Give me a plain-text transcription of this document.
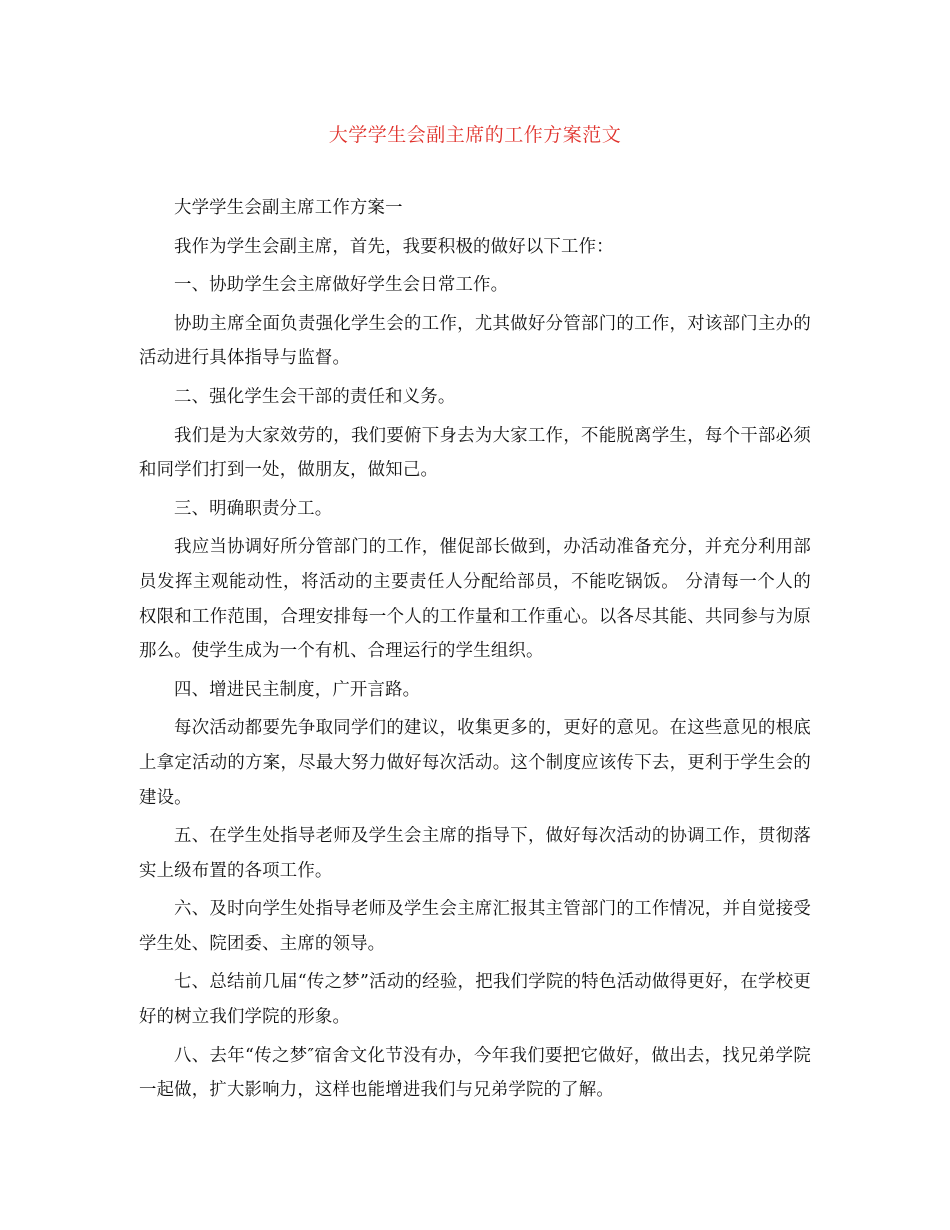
大学学生会副主席的工作方案范文

大学学生会副主席工作方案一

我作为学生会副主席，首先，我要积极的做好以下工作：

一、协助学生会主席做好学生会日常工作。

协助主席全面负责强化学生会的工作，尤其做好分管部门的工作，对该部门主办的活动进行具体指导与监督。

二、强化学生会干部的责任和义务。

我们是为大家效劳的，我们要俯下身去为大家工作，不能脱离学生，每个干部必须和同学们打到一处，做朋友，做知己。

三、明确职责分工。

我应当协调好所分管部门的工作，催促部长做到，办活动准备充分，并充分利用部员发挥主观能动性，将活动的主要责任人分配给部员，不能吃锅饭。 分清每一个人的权限和工作范围，合理安排每一个人的工作量和工作重心。以各尽其能、共同参与为原那么。使学生成为一个有机、合理运行的学生组织。

四、增进民主制度，广开言路。

每次活动都要先争取同学们的建议，收集更多的，更好的意见。在这些意见的根底上拿定活动的方案，尽最大努力做好每次活动。这个制度应该传下去，更利于学生会的建设。

五、在学生处指导老师及学生会主席的指导下，做好每次活动的协调工作，贯彻落实上级布置的各项工作。

六、及时向学生处指导老师及学生会主席汇报其主管部门的工作情况，并自觉接受学生处、院团委、主席的领导。

七、总结前几届“传之梦”活动的经验，把我们学院的特色活动做得更好，在学校更好的树立我们学院的形象。

八、去年“传之梦″宿舍文化节没有办，今年我们要把它做好，做出去，找兄弟学院一起做，扩大影响力，这样也能增进我们与兄弟学院的了解。
